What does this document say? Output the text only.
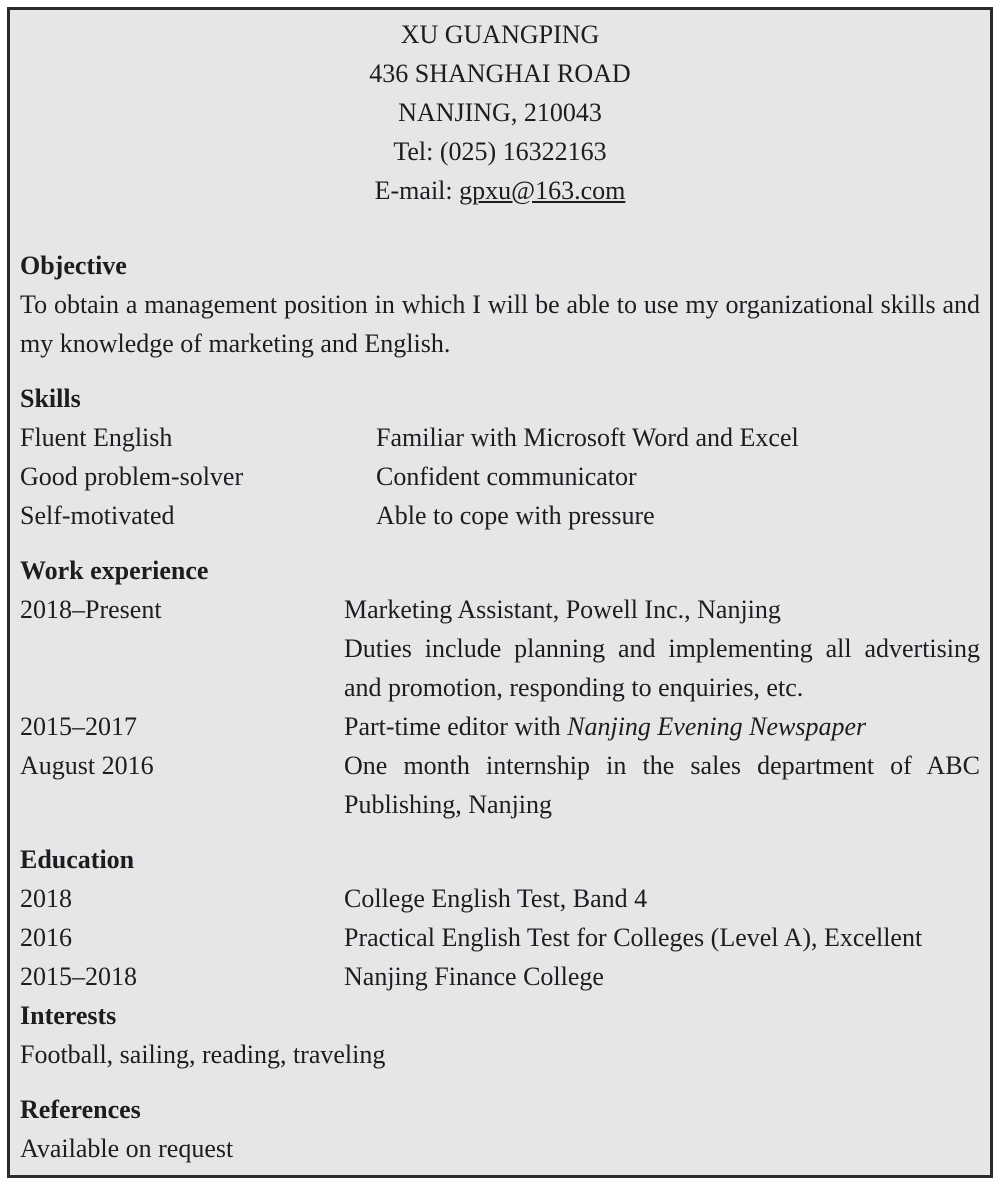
XU GUANGPING
436 SHANGHAI ROAD
NANJING, 210043
Tel: (025) 16322163
E-mail: gpxu@163.com
Objective
To obtain a management position in which I will be able to use my organizational skills and my knowledge of marketing and English.
Skills
Fluent English	Familiar with Microsoft Word and Excel
Good problem-solver	Confident communicator
Self-motivated	Able to cope with pressure
Work experience
2018–Present	Marketing Assistant, Powell Inc., Nanjing
Duties include planning and implementing all advertising and promotion, responding to enquiries, etc.
2015–2017	Part-time editor with Nanjing Evening Newspaper
August 2016	One month internship in the sales department of ABC Publishing, Nanjing
Education
2018	College English Test, Band 4
2016	Practical English Test for Colleges (Level A), Excellent
2015–2018	Nanjing Finance College
Interests
Football, sailing, reading, traveling
References
Available on request
